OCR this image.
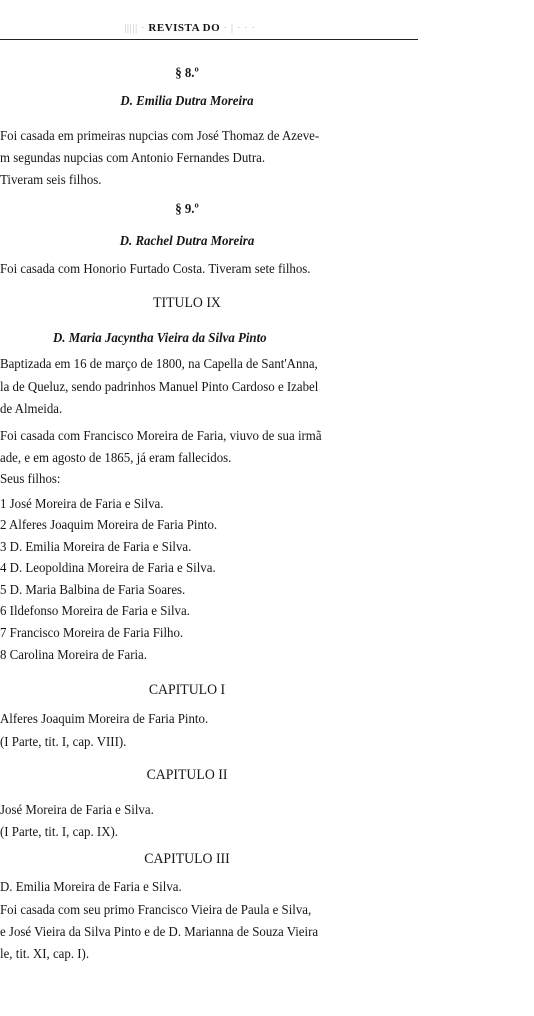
||||| · REVISTA DO · | · · ·
§ 8.º
D. Emilia Dutra Moreira
Foi casada em primeiras nupcias com José Thomaz de Azeve-
m segundas nupcias com Antonio Fernandes Dutra.
Tiveram seis filhos.
§ 9.º
D. Rachel Dutra Moreira
Foi casada com Honorio Furtado Costa. Tiveram sete filhos.
TITULO IX
D. Maria Jacyntha Vieira da Silva Pinto
Baptizada em 16 de março de 1800, na Capella de Sant'Anna,
la de Queluz, sendo padrinhos Manuel Pinto Cardoso e Izabel
de Almeida.
Foi casada com Francisco Moreira de Faria, viuvo de sua irmã
ade, e em agosto de 1865, já eram fallecidos.
Seus filhos:
1 José Moreira de Faria e Silva.
2 Alferes Joaquim Moreira de Faria Pinto.
3 D. Emilia Moreira de Faria e Silva.
4 D. Leopoldina Moreira de Faria e Silva.
5 D. Maria Balbina de Faria Soares.
6 Ildefonso Moreira de Faria e Silva.
7 Francisco Moreira de Faria Filho.
8 Carolina Moreira de Faria.
CAPITULO I
Alferes Joaquim Moreira de Faria Pinto.
(I Parte, tit. I, cap. VIII).
CAPITULO II
José Moreira de Faria e Silva.
(I Parte, tit. I, cap. IX).
CAPITULO III
D. Emilia Moreira de Faria e Silva.
Foi casada com seu primo Francisco Vieira de Paula e Silva,
e José Vieira da Silva Pinto e de D. Marianna de Souza Vieira
le, tit. XI, cap. I).
